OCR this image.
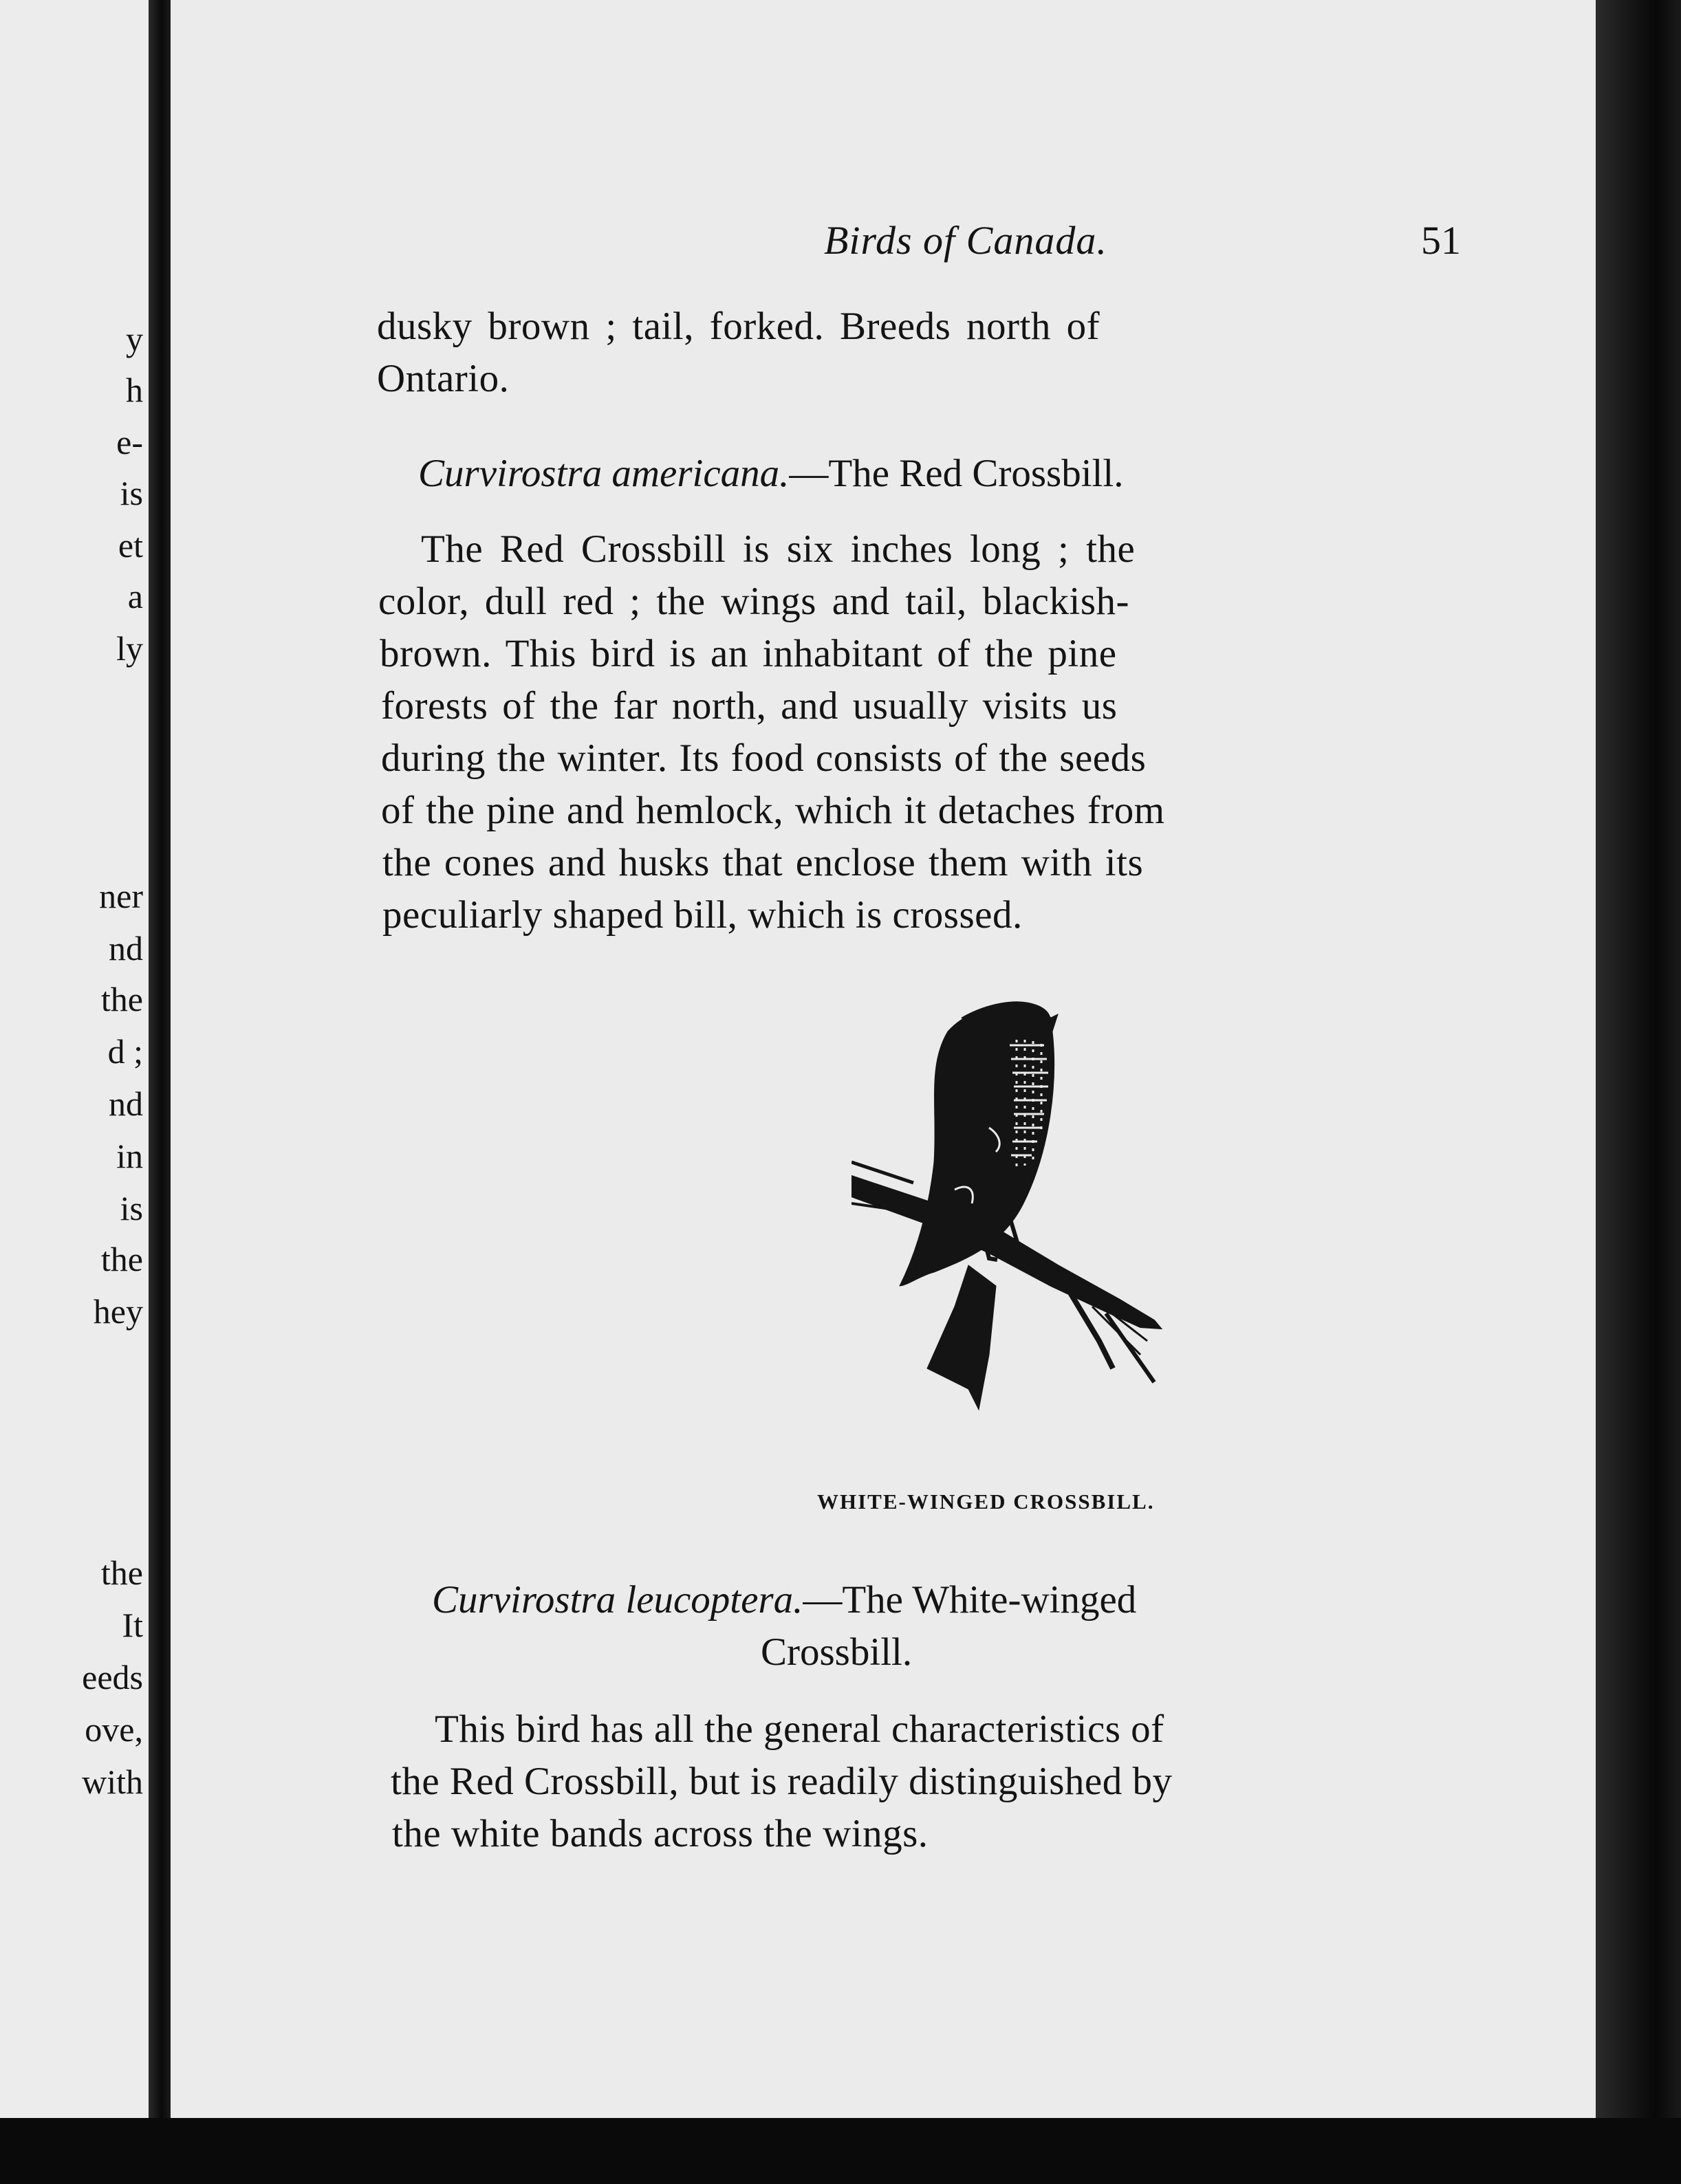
y
h
e-
is
et
a
ly
ner
nd
the
d ;
nd
in
is
the
hey
the
It
eeds
ove,
with
Birds of Canada.	51
dusky brown ; tail, forked. Breeds north of
Ontario.
Curvirostra americana.—The Red Crossbill.
The Red Crossbill is six inches long ; the
color, dull red ; the wings and tail, blackish-
brown. This bird is an inhabitant of the pine
forests of the far north, and usually visits us
during the winter. Its food consists of the seeds
of the pine and hemlock, which it detaches from
the cones and husks that enclose them with its
peculiarly shaped bill, which is crossed.
WHITE-WINGED CROSSBILL.
Curvirostra leucoptera.—The White-winged
Crossbill.
This bird has all the general characteristics of
the Red Crossbill, but is readily distinguished by
the white bands across the wings.
